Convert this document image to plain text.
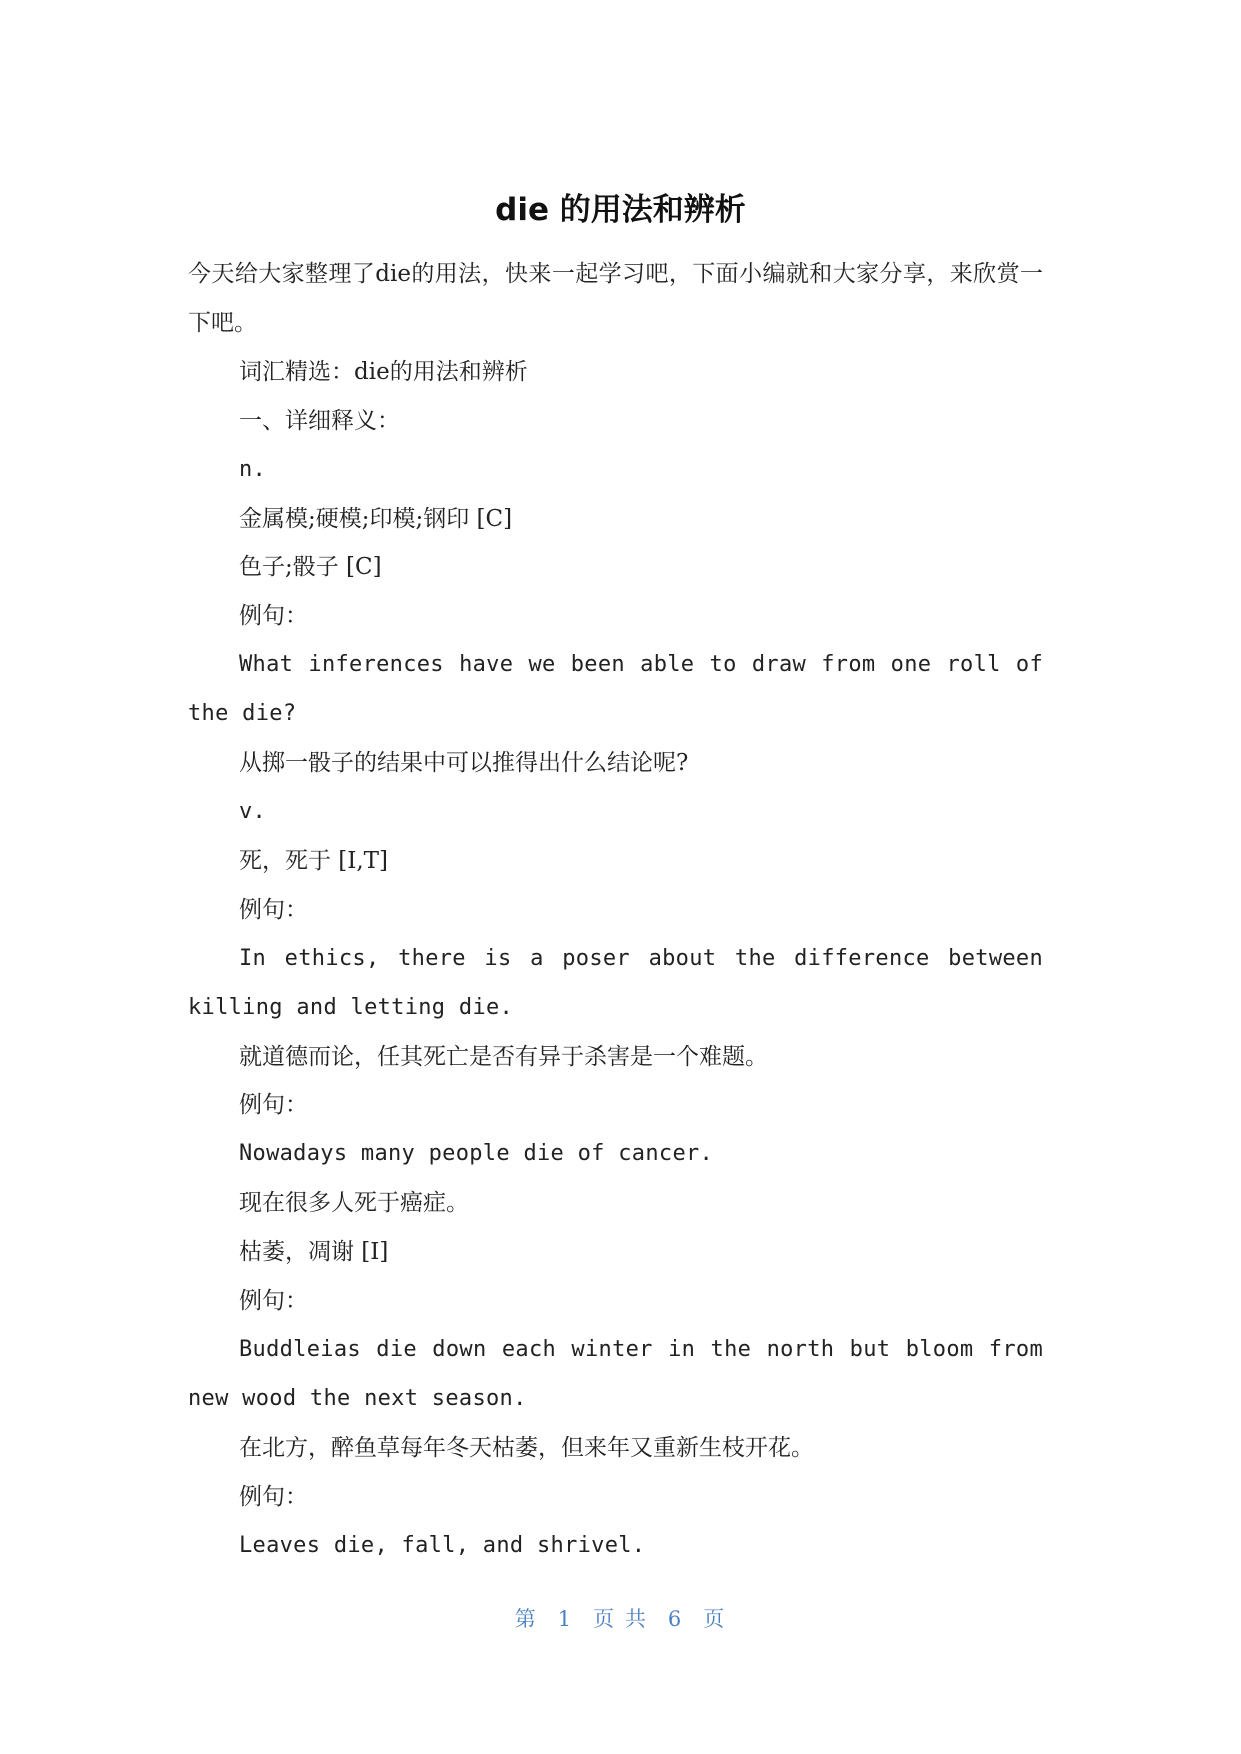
die 的用法和辨析

今天给大家整理了die的用法，快来一起学习吧，下面小编就和大家分享，来欣赏一下吧。

词汇精选：die的用法和辨析

一、详细释义：

n.

金属模;硬模;印模;钢印 [C]

色子;骰子 [C]

例句：

What inferences have we been able to draw from one roll of the die?

从掷一骰子的结果中可以推得出什么结论呢?

v.

死，死于 [I,T]

例句：

In ethics, there is a poser about the difference between killing and letting die.

就道德而论，任其死亡是否有异于杀害是一个难题。

例句：

Nowadays many people die of cancer.

现在很多人死于癌症。

枯萎，凋谢 [I]

例句：

Buddleias die down each winter in the north but bloom from new wood the next season.

在北方，醉鱼草每年冬天枯萎，但来年又重新生枝开花。

例句：

Leaves die, fall, and shrivel.

第 1 页 共 6 页
